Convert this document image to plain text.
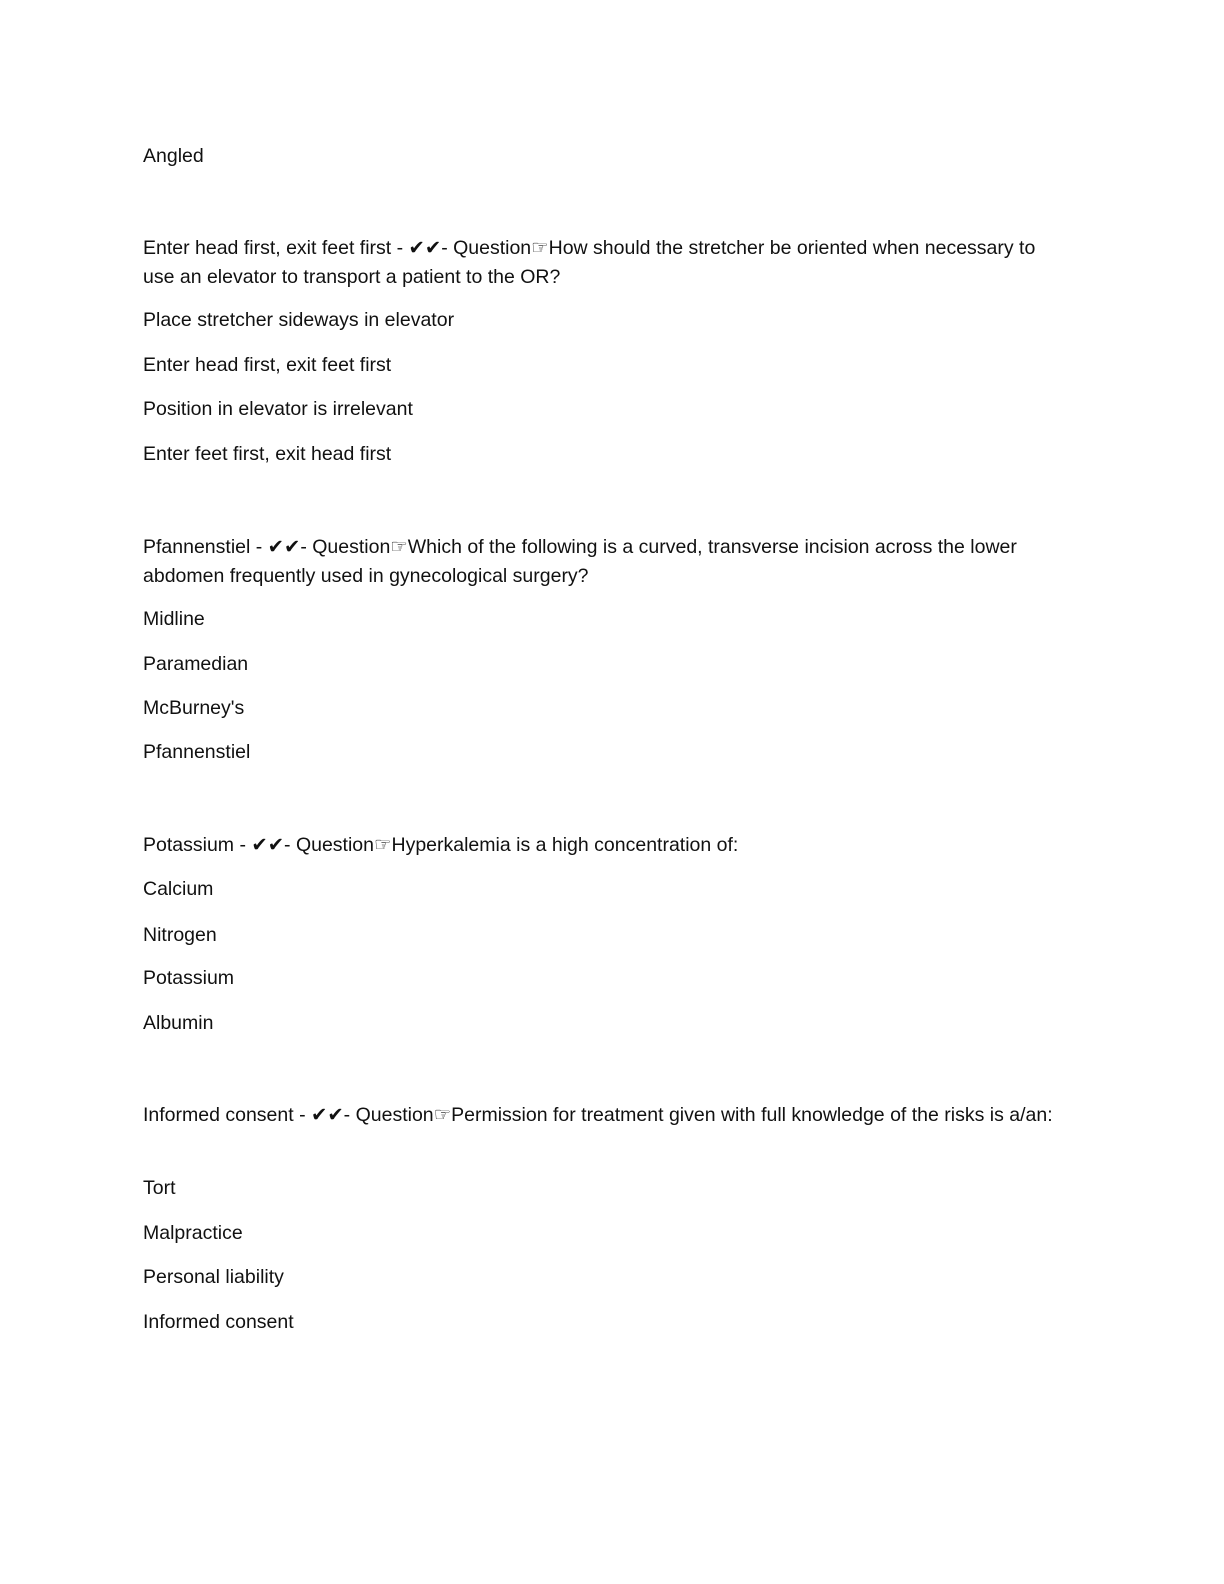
Angled
Enter head first, exit feet first - ✔✔- Question☞How should the stretcher be oriented when necessary to use an elevator to transport a patient to the OR?
Place stretcher sideways in elevator
Enter head first, exit feet first
Position in elevator is irrelevant
Enter feet first, exit head first
Pfannenstiel - ✔✔- Question☞Which of the following is a curved, transverse incision across the lower abdomen frequently used in gynecological surgery?
Midline
Paramedian
McBurney's
Pfannenstiel
Potassium - ✔✔- Question☞Hyperkalemia is a high concentration of:
Calcium
Nitrogen
Potassium
Albumin
Informed consent - ✔✔- Question☞Permission for treatment given with full knowledge of the risks is a/an:
Tort
Malpractice
Personal liability
Informed consent
